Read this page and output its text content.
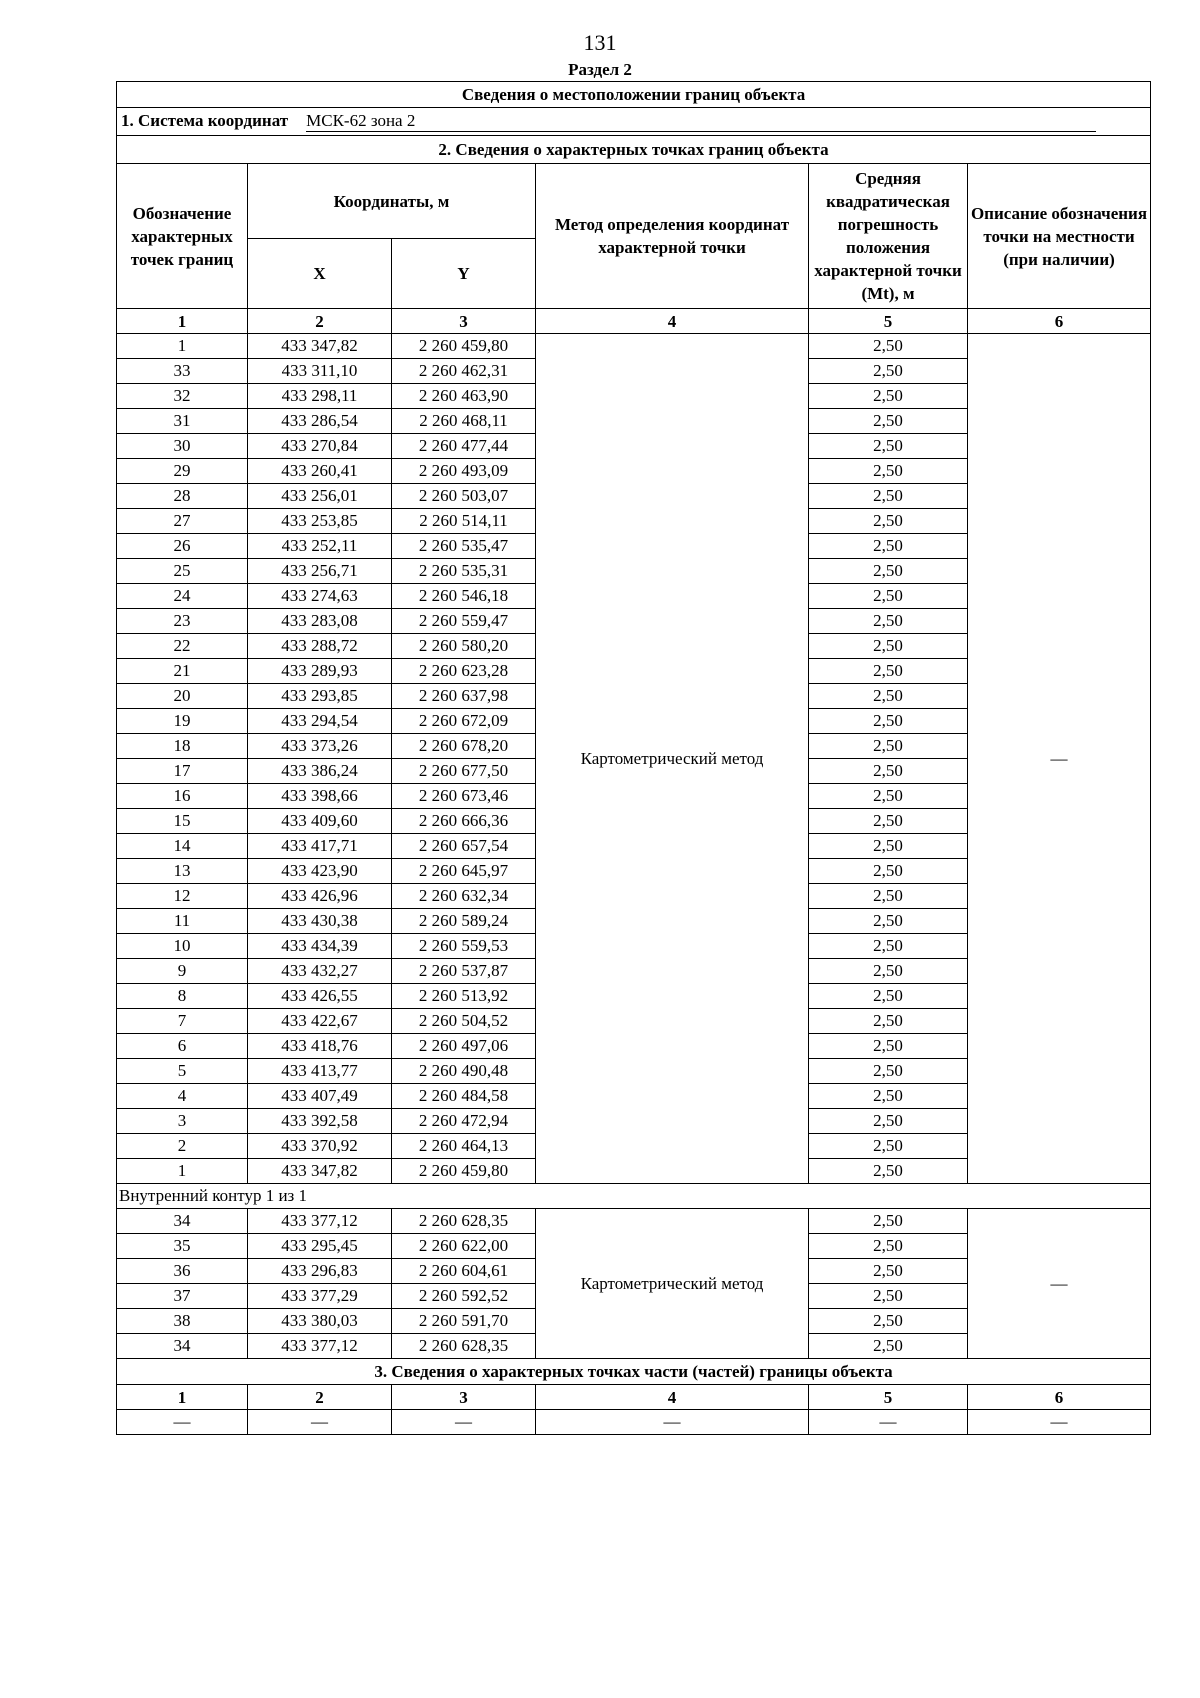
131
Раздел 2
Сведения о местоположении границ объекта					
1. Система координат МСК-62 зона 2					
2. Сведения о характерных точках границ объекта					
Обозначение характерных точек границ	Координаты, м		Метод определения координат характерной точки	Средняя квадратическая погрешность положения характерной точки (Mt), м	Описание обозначения точки на местности (при наличии)
	X	Y			
1	2	3	4	5	6
1	433 347,82	2 260 459,80	Картометрический метод	2,50	—
33	433 311,10	2 260 462,31		2,50	
32	433 298,11	2 260 463,90		2,50	
31	433 286,54	2 260 468,11		2,50	
30	433 270,84	2 260 477,44		2,50	
29	433 260,41	2 260 493,09		2,50	
28	433 256,01	2 260 503,07		2,50	
27	433 253,85	2 260 514,11		2,50	
26	433 252,11	2 260 535,47		2,50	
25	433 256,71	2 260 535,31		2,50	
24	433 274,63	2 260 546,18		2,50	
23	433 283,08	2 260 559,47		2,50	
22	433 288,72	2 260 580,20		2,50	
21	433 289,93	2 260 623,28		2,50	
20	433 293,85	2 260 637,98		2,50	
19	433 294,54	2 260 672,09		2,50	
18	433 373,26	2 260 678,20		2,50	
17	433 386,24	2 260 677,50		2,50	
16	433 398,66	2 260 673,46		2,50	
15	433 409,60	2 260 666,36		2,50	
14	433 417,71	2 260 657,54		2,50	
13	433 423,90	2 260 645,97		2,50	
12	433 426,96	2 260 632,34		2,50	
11	433 430,38	2 260 589,24		2,50	
10	433 434,39	2 260 559,53		2,50	
9	433 432,27	2 260 537,87		2,50	
8	433 426,55	2 260 513,92		2,50	
7	433 422,67	2 260 504,52		2,50	
6	433 418,76	2 260 497,06		2,50	
5	433 413,77	2 260 490,48		2,50	
4	433 407,49	2 260 484,58		2,50	
3	433 392,58	2 260 472,94		2,50	
2	433 370,92	2 260 464,13		2,50	
1	433 347,82	2 260 459,80		2,50	
Внутренний контур 1 из 1					
34	433 377,12	2 260 628,35	Картометрический метод	2,50	—
35	433 295,45	2 260 622,00		2,50	
36	433 296,83	2 260 604,61		2,50	
37	433 377,29	2 260 592,52		2,50	
38	433 380,03	2 260 591,70		2,50	
34	433 377,12	2 260 628,35		2,50	
3. Сведения о характерных точках части (частей) границы объекта					
1	2	3	4	5	6
—	—	—	—	—	—
